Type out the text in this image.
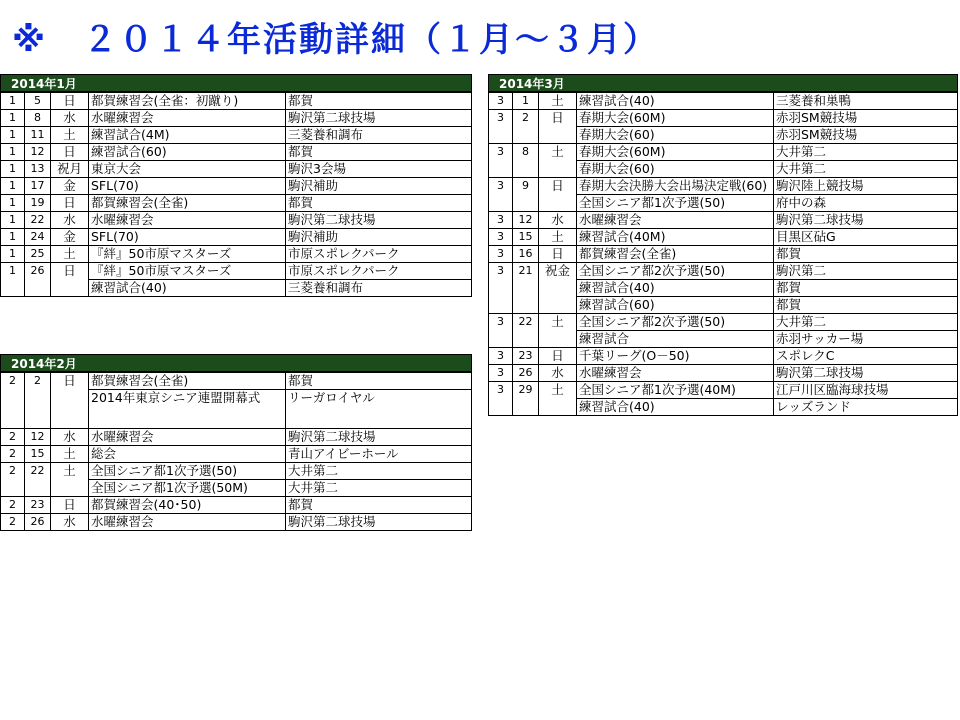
※　２０１４年活動詳細（１月～３月）
2014年1月
1	5	日	都賀練習会(全雀：初蹴り)	都賀
1	8	水	水曜練習会	駒沢第二球技場
1	11	土	練習試合(4M)	三菱養和調布
1	12	日	練習試合(60)	都賀
1	13	祝月	東京大会	駒沢3会場
1	17	金	SFL(70)	駒沢補助
1	19	日	都賀練習会(全雀)	都賀
1	22	水	水曜練習会	駒沢第二球技場
1	24	金	SFL(70)	駒沢補助
1	25	土	『絆』50市原マスターズ	市原スポレクパーク
1	26	日	『絆』50市原マスターズ	市原スポレクパーク
			練習試合(40)	三菱養和調布
2014年2月
2	2	日	都賀練習会(全雀)	都賀
			2014年東京シニア連盟開幕式	リーガロイヤル
2	12	水	水曜練習会	駒沢第二球技場
2	15	土	総会	青山アイビーホール
2	22	土	全国シニア都1次予選(50)	大井第二
			全国シニア都1次予選(50M)	大井第二
2	23	日	都賀練習会(40･50)	都賀
2	26	水	水曜練習会	駒沢第二球技場
2014年3月
3	1	土	練習試合(40)	三菱養和巣鴨
3	2	日	春期大会(60M)	赤羽SM競技場
			春期大会(60)	赤羽SM競技場
3	8	土	春期大会(60M)	大井第二
			春期大会(60)	大井第二
3	9	日	春期大会決勝大会出場決定戦(60)	駒沢陸上競技場
			全国シニア都1次予選(50)	府中の森
3	12	水	水曜練習会	駒沢第二球技場
3	15	土	練習試合(40M)	目黒区砧G
3	16	日	都賀練習会(全雀)	都賀
3	21	祝金	全国シニア都2次予選(50)	駒沢第二
			練習試合(40)	都賀
			練習試合(60)	都賀
3	22	土	全国シニア都2次予選(50)	大井第二
			練習試合	赤羽サッカー場
3	23	日	千葉リーグ(O－50)	スポレクC
3	26	水	水曜練習会	駒沢第二球技場
3	29	土	全国シニア都1次予選(40M)	江戸川区臨海球技場
			練習試合(40)	レッズランド
